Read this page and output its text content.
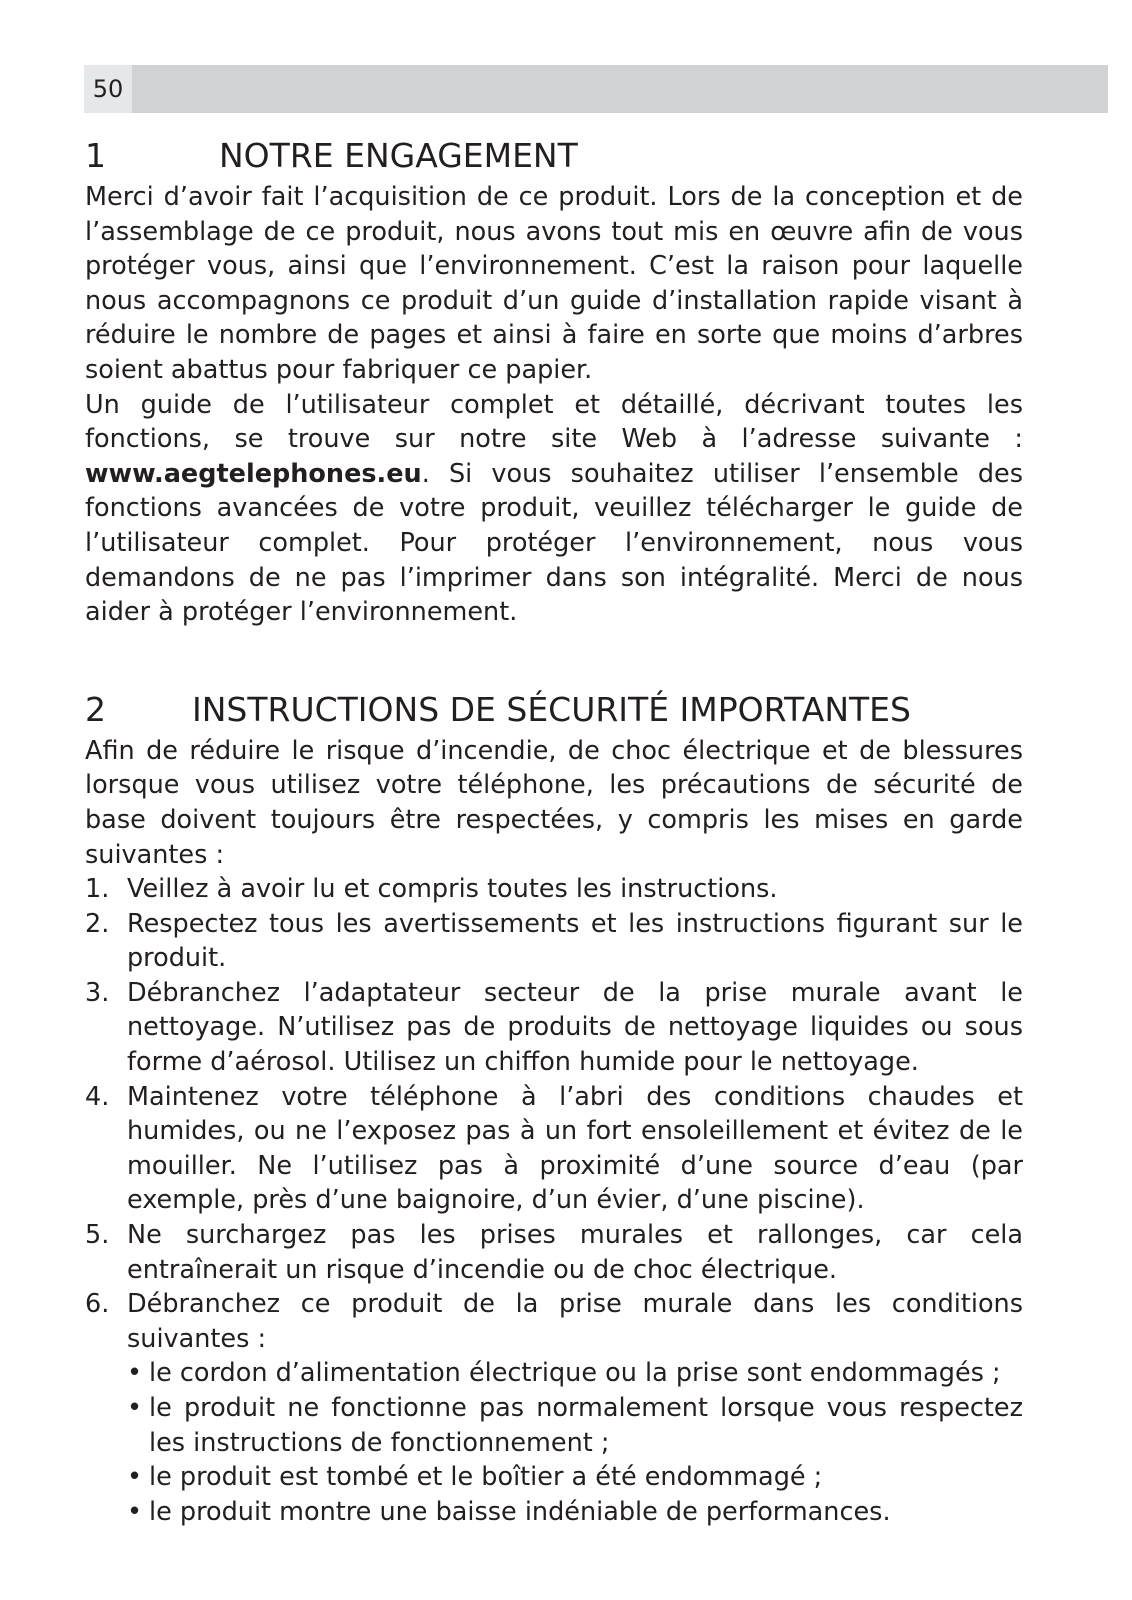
50
1	NOTRE ENGAGEMENT

Merci d’avoir fait l’acquisition de ce produit. Lors de la conception et de l’assemblage de ce produit, nous avons tout mis en œuvre afin de vous protéger vous, ainsi que l’environnement. C’est la raison pour laquelle nous accompagnons ce produit d’un guide d’installation rapide visant à réduire le nombre de pages et ainsi à faire en sorte que moins d’arbres soient abattus pour fabriquer ce papier.

Un guide de l’utilisateur complet et détaillé, décrivant toutes les fonctions, se trouve sur notre site Web à l’adresse suivante : www.aegtelephones.eu. Si vous souhaitez utiliser l’ensemble des fonctions avancées de votre produit, veuillez télécharger le guide de l’utilisateur complet. Pour protéger l’environnement, nous vous demandons de ne pas l’imprimer dans son intégralité. Merci de nous aider à protéger l’environnement.

2	INSTRUCTIONS DE SÉCURITÉ IMPORTANTES

Afin de réduire le risque d’incendie, de choc électrique et de blessures lorsque vous utilisez votre téléphone, les précautions de sécurité de base doivent toujours être respectées, y compris les mises en garde suivantes :

1. Veillez à avoir lu et compris toutes les instructions.
2. Respectez tous les avertissements et les instructions figurant sur le produit.
3. Débranchez l’adaptateur secteur de la prise murale avant le nettoyage. N’utilisez pas de produits de nettoyage liquides ou sous forme d’aérosol. Utilisez un chiffon humide pour le nettoyage.
4. Maintenez votre téléphone à l’abri des conditions chaudes et humides, ou ne l’exposez pas à un fort ensoleillement et évitez de le mouiller. Ne l’utilisez pas à proximité d’une source d’eau (par exemple, près d’une baignoire, d’un évier, d’une piscine).
5. Ne surchargez pas les prises murales et rallonges, car cela entraînerait un risque d’incendie ou de choc électrique.
6. Débranchez ce produit de la prise murale dans les conditions suivantes :
• le cordon d’alimentation électrique ou la prise sont endommagés ;
• le produit ne fonctionne pas normalement lorsque vous respectez les instructions de fonctionnement ;
• le produit est tombé et le boîtier a été endommagé ;
• le produit montre une baisse indéniable de performances.
